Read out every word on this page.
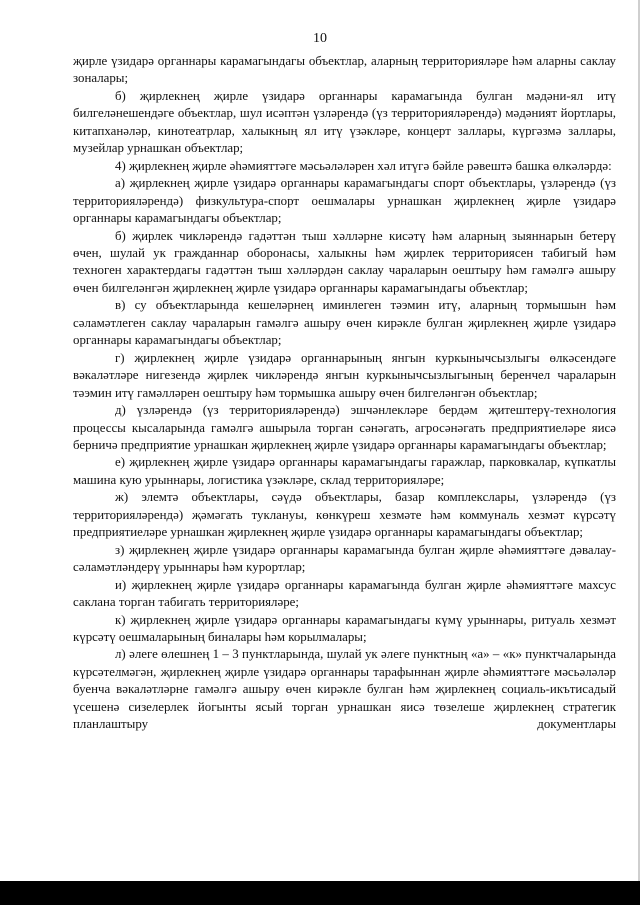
10

җирле үзидарә органнары карамагындагы объектлар, аларның территорияләре һәм аларны саклау зоналары;

б) җирлекнең җирле үзидарә органнары карамагында булган мәдәни-ял итү билгеләнешендәге объектлар, шул исәптән үзләрендә (үз территорияләрендә) мәдәният йортлары, китапханәләр, кинотеатрлар, халыкның ял итү үзәкләре, концерт заллары, күргәзмә заллары, музейлар урнашкан объектлар;

4) җирлекнең җирле әһәмияттәге мәсьәләләрен хәл итүгә бәйле рәвештә башка өлкәләрдә:

а) җирлекнең җирле үзидарә органнары карамагындагы спорт объектлары, үзләрендә (үз территорияләрендә) физкультура-спорт оешмалары урнашкан җирлекнең җирле үзидарә органнары карамагындагы объектлар;

б) җирлек чикләрендә гадәттән тыш хәлләрне кисәтү һәм аларның зыяннарын бетерү өчен, шулай ук гражданнар оборонасы, халыкны һәм җирлек территориясен табигый һәм техноген характердагы гадәттән тыш хәлләрдән саклау чараларын оештыру һәм гамәлгә ашыру өчен билгеләнгән җирлекнең җирле үзидарә органнары карамагындагы объектлар;

в) су объектларында кешеләрнең иминлеген тәэмин итү, аларның тормышын һәм сәламәтлеген саклау чараларын гамәлгә ашыру өчен кирәкле булган җирлекнең җирле үзидарә органнары карамагындагы объектлар;

г) җирлекнең җирле үзидарә органнарының янгын куркынычсызлыгы өлкәсендәге вәкаләтләре нигезендә җирлек чикләрендә янгын куркынычсызлыгының беренчел чараларын тәэмин итү гамәлләрен оештыру һәм тормышка ашыру өчен билгеләнгән объектлар;

д) үзләрендә (үз территорияләрендә) эшчәнлекләре бердәм җитештерү-технология процессы кысаларында гамәлгә ашырыла торган сәнәгать, агросәнәгать предприятиеләре яисә берничә предприятие урнашкан җирлекнең җирле үзидарә органнары карамагындагы объектлар;

е) җирлекнең җирле үзидарә органнары карамагындагы гаражлар, парковкалар, күпкатлы машина кую урыннары, логистика үзәкләре, склад территорияләре;

ж) элемтә объектлары, сәүдә объектлары, базар комплекслары, үзләрендә (үз территорияләрендә) җәмәгать туклануы, көнкүреш хезмәте һәм коммуналь хезмәт күрсәтү предприятиеләре урнашкан җирлекнең җирле үзидарә органнары карамагындагы объектлар;

з) җирлекнең җирле үзидарә органнары карамагында булган җирле әһәмияттәге дәвалау-сәламәтләндерү урыннары һәм курортлар;

и) җирлекнең җирле үзидарә органнары карамагында булган җирле әһәмияттәге махсус саклана торган табигать территорияләре;

к) җирлекнең җирле үзидарә органнары карамагындагы күмү урыннары, ритуаль хезмәт күрсәтү оешмаларының биналары һәм корылмалары;

л) әлеге өлешнең 1 – 3 пунктларында, шулай ук әлеге пунктның «а» – «к» пунктчаларында күрсәтелмәгән, җирлекнең җирле үзидарә органнары тарафыннан җирле әһәмияттәге мәсьәләләр буенча вәкаләтләрне гамәлгә ашыру өчен кирәкле булган һәм җирлекнең социаль-икътисадый үсешенә сизелерлек йогынты ясый торган урнашкан яисә төзелеше җирлекнең стратегик планлаштыру документлары
